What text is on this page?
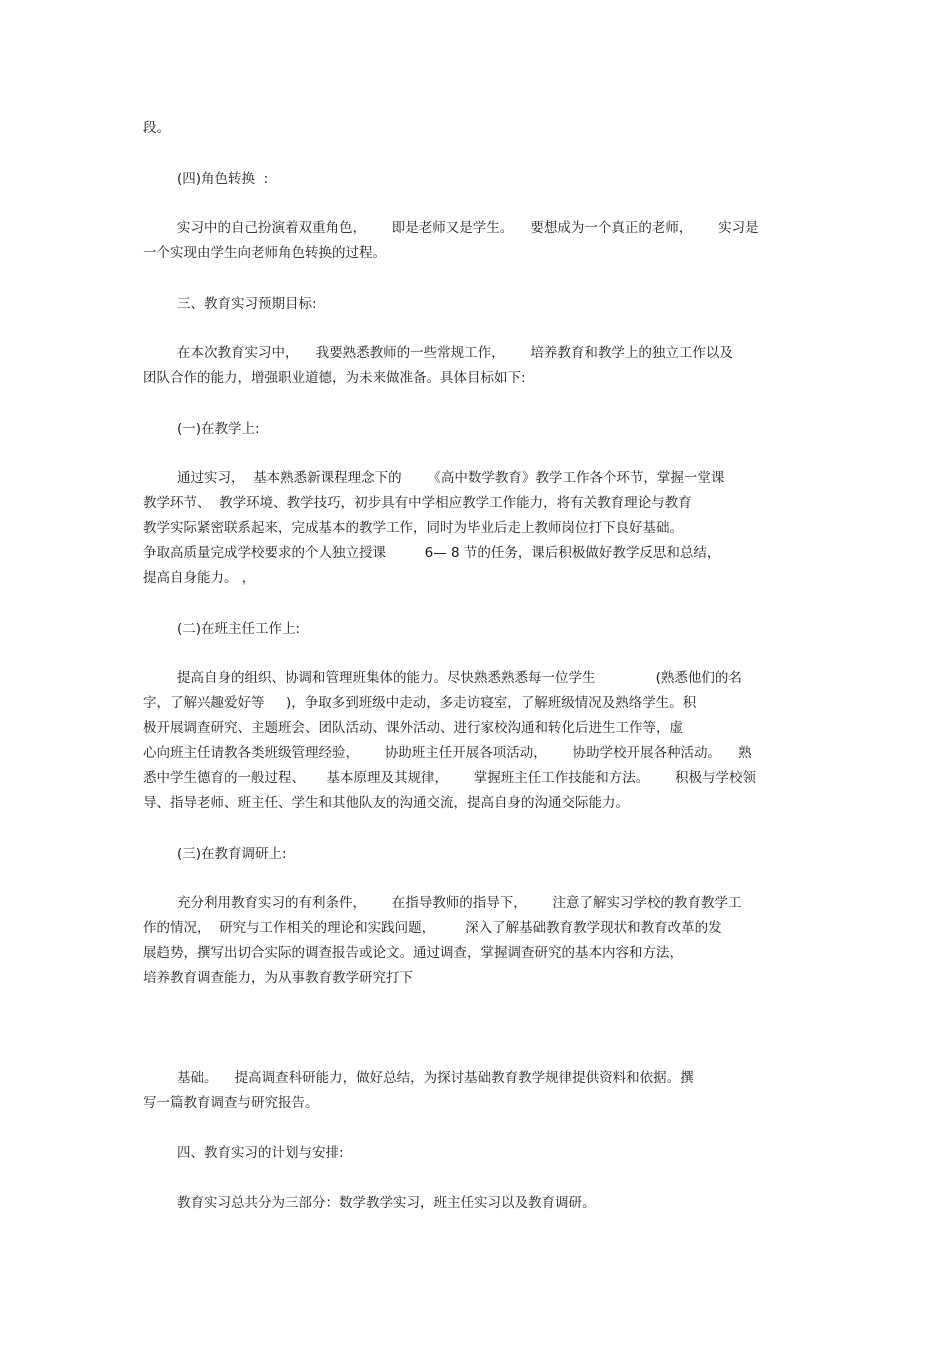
段。

(四)角色转换  :

实习中的自己扮演着双重角色，      即是老师又是学生。    要想成为一个真正的老师，      实习是

一个实现由学生向老师角色转换的过程。

三、教育实习预期目标:

在本次教育实习中，    我要熟悉教师的一些常规工作，      培养教育和教学上的独立工作以及

团队合作的能力，增强职业道德，为未来做准备。具体目标如下:

(一)在教学上:

通过实习，  基本熟悉新课程理念下的      《高中数学教育》教学工作各个环节，掌握一堂课

教学环节、  教学环境、教学技巧，初步具有中学相应教学工作能力，将有关教育理论与教育

教学实际紧密联系起来，完成基本的教学工作，同时为毕业后走上教师岗位打下良好基础。

争取高质量完成学校要求的个人独立授课         6— 8 节的任务，课后积极做好教学反思和总结，

提高自身能力。 ，

(二)在班主任工作上:

提高自身的组织、协调和管理班集体的能力。尽快熟悉熟悉每一位学生              (熟悉他们的名

字，了解兴趣爱好等     )，争取多到班级中走动，多走访寝室，了解班级情况及熟络学生。积

极开展调查研究、主题班会、团队活动、课外活动、进行家校沟通和转化后进生工作等，虚

心向班主任请教各类班级管理经验，      协助班主任开展各项活动，      协助学校开展各种活动。    熟

悉中学生德育的一般过程、     基本原理及其规律，      掌握班主任工作技能和方法。      积极与学校领

导、指导老师、班主任、学生和其他队友的沟通交流，提高自身的沟通交际能力。

(三)在教育调研上:

充分利用教育实习的有利条件，      在指导教师的指导下，      注意了解实习学校的教育教学工

作的情况，  研究与工作相关的理论和实践问题，       深入了解基础教育教学现状和教育改革的发

展趋势，撰写出切合实际的调查报告或论文。通过调查，掌握调查研究的基本内容和方法，

培养教育调查能力，为从事教育教学研究打下

基础。    提高调查科研能力，做好总结，为探讨基础教育教学规律提供资料和依据。撰

写一篇教育调查与研究报告。

四、教育实习的计划与安排:

教育实习总共分为三部分：数学教学实习，班主任实习以及教育调研。
